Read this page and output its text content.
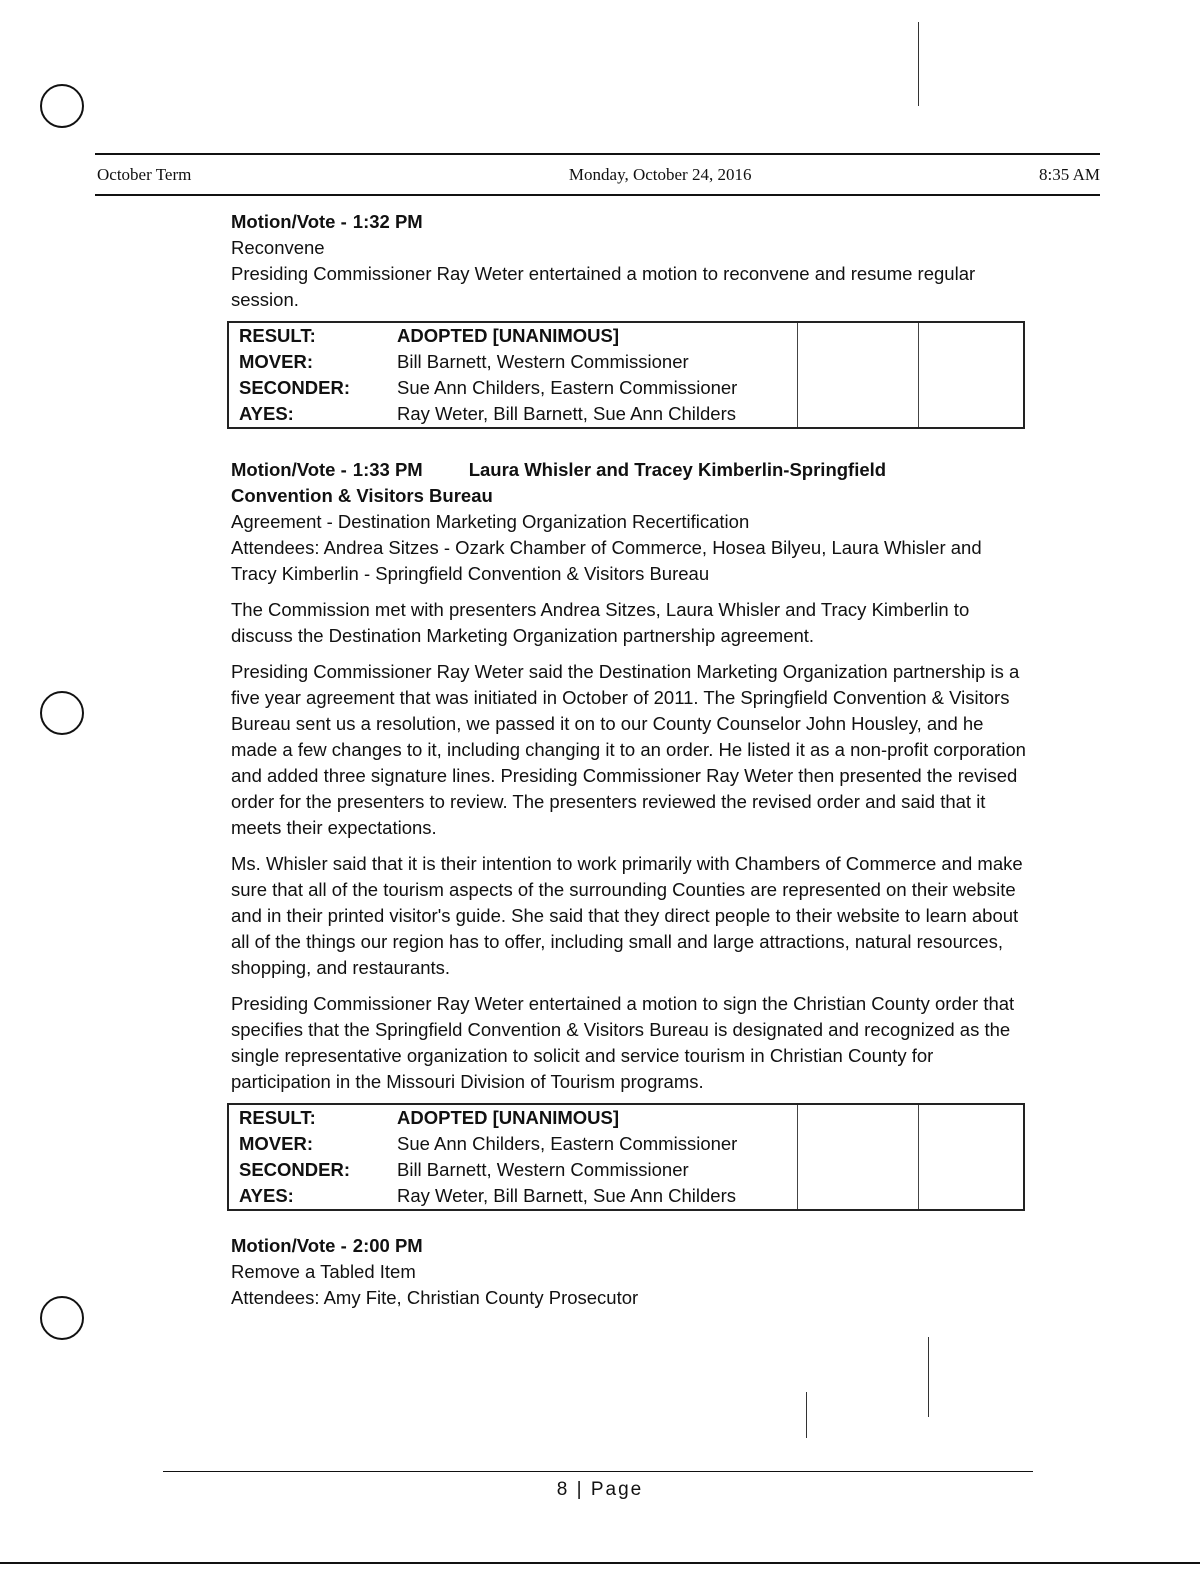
October Term	Monday, October 24, 2016	8:35 AM

Motion/Vote - 1:32 PM

Reconvene

Presiding Commissioner Ray Weter entertained a motion to reconvene and resume regular session.

RESULT:	ADOPTED [UNANIMOUS]		
MOVER:	Bill Barnett, Western Commissioner		
SECONDER:	Sue Ann Childers, Eastern Commissioner		
AYES:	Ray Weter, Bill Barnett, Sue Ann Childers		

Motion/Vote - 1:33 PM Laura Whisler and Tracey Kimberlin-Springfield

Convention & Visitors Bureau

Agreement - Destination Marketing Organization Recertification

Attendees: Andrea Sitzes - Ozark Chamber of Commerce, Hosea Bilyeu, Laura Whisler and Tracy Kimberlin - Springfield Convention & Visitors Bureau

The Commission met with presenters Andrea Sitzes, Laura Whisler and Tracy Kimberlin to discuss the Destination Marketing Organization partnership agreement.

Presiding Commissioner Ray Weter said the Destination Marketing Organization partnership is a five year agreement that was initiated in October of 2011. The Springfield Convention & Visitors Bureau sent us a resolution, we passed it on to our County Counselor John Housley, and he made a few changes to it, including changing it to an order. He listed it as a non-profit corporation and added three signature lines. Presiding Commissioner Ray Weter then presented the revised order for the presenters to review. The presenters reviewed the revised order and said that it meets their expectations.

Ms. Whisler said that it is their intention to work primarily with Chambers of Commerce and make sure that all of the tourism aspects of the surrounding Counties are represented on their website and in their printed visitor's guide. She said that they direct people to their website to learn about all of the things our region has to offer, including small and large attractions, natural resources, shopping, and restaurants.

Presiding Commissioner Ray Weter entertained a motion to sign the Christian County order that specifies that the Springfield Convention & Visitors Bureau is designated and recognized as the single representative organization to solicit and service tourism in Christian County for participation in the Missouri Division of Tourism programs.

RESULT:	ADOPTED [UNANIMOUS]		
MOVER:	Sue Ann Childers, Eastern Commissioner		
SECONDER:	Bill Barnett, Western Commissioner		
AYES:	Ray Weter, Bill Barnett, Sue Ann Childers		

Motion/Vote - 2:00 PM

Remove a Tabled Item

Attendees: Amy Fite, Christian County Prosecutor

8 | Page
